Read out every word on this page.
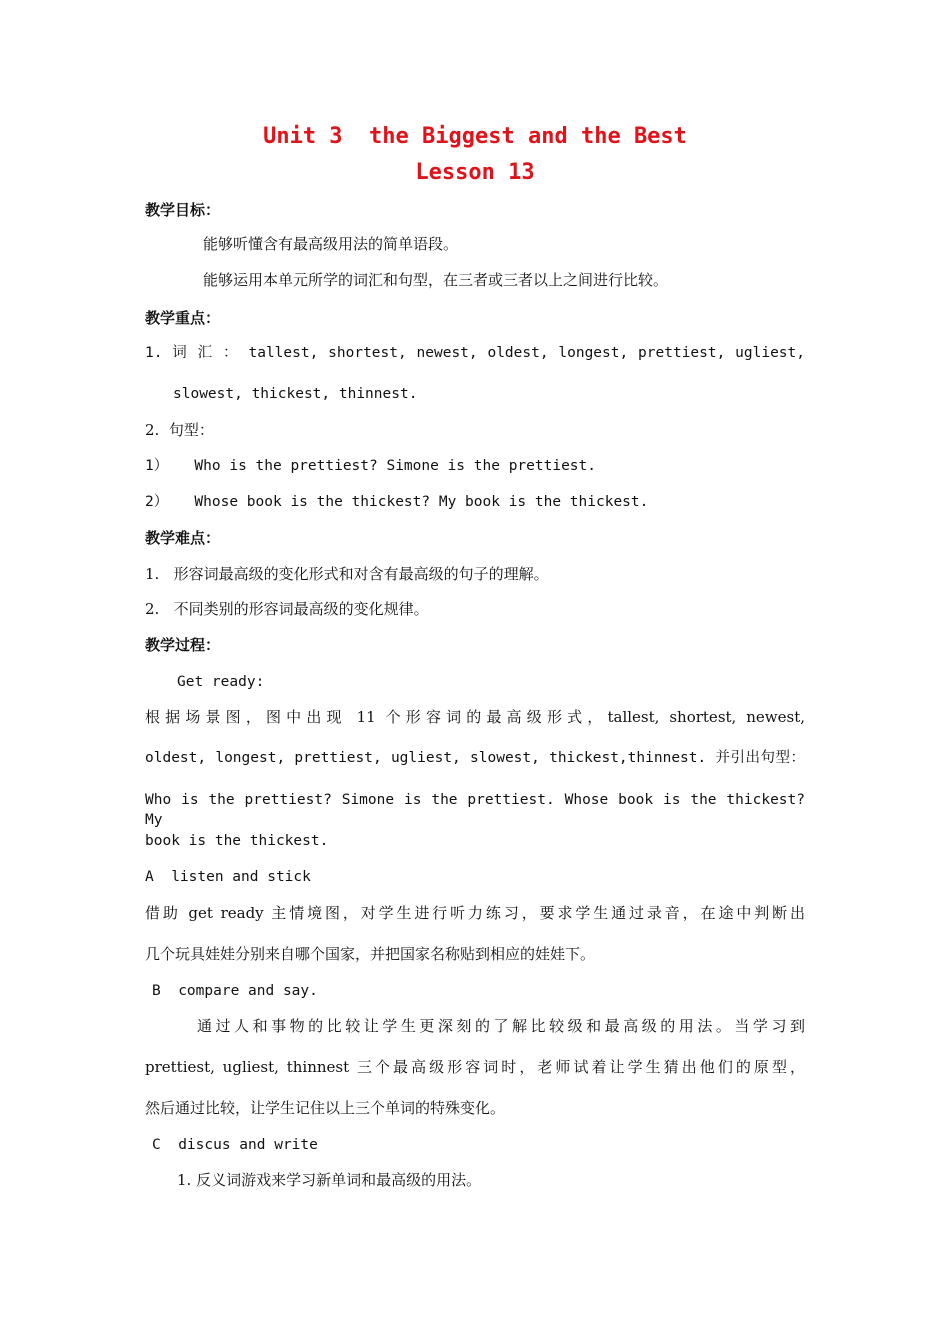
Unit 3  the Biggest and the Best
Lesson 13
教学目标：
能够听懂含有最高级用法的简单语段。
能够运用本单元所学的词汇和句型，在三者或三者以上之间进行比较。
教学重点：
1. 词 汇 ： tallest, shortest, newest, oldest, longest, prettiest, ugliest,
slowest, thickest, thinnest.
2.  句型：
1）   Who is the prettiest? Simone is the prettiest.
2）   Whose book is the thickest? My book is the thickest.
教学难点：
1.   形容词最高级的变化形式和对含有最高级的句子的理解。
2.   不同类别的形容词最高级的变化规律。
教学过程：
Get ready:
根据场景图，图中出现 11 个形容词的最高级形式，tallest, shortest, newest,
oldest, longest, prettiest, ugliest, slowest, thickest,thinnest. 并引出句型：
Who is the prettiest? Simone is the prettiest. Whose book is the thickest? My
book is the thickest.
A  listen and stick
借助 get ready 主情境图，对学生进行听力练习，要求学生通过录音，在途中判断出
几个玩具娃娃分别来自哪个国家，并把国家名称贴到相应的娃娃下。
B  compare and say.
通过人和事物的比较让学生更深刻的了解比较级和最高级的用法。当学习到
prettiest, ugliest, thinnest 三个最高级形容词时，老师试着让学生猜出他们的原型，
然后通过比较，让学生记住以上三个单词的特殊变化。
C  discus and write
1. 反义词游戏来学习新单词和最高级的用法。
